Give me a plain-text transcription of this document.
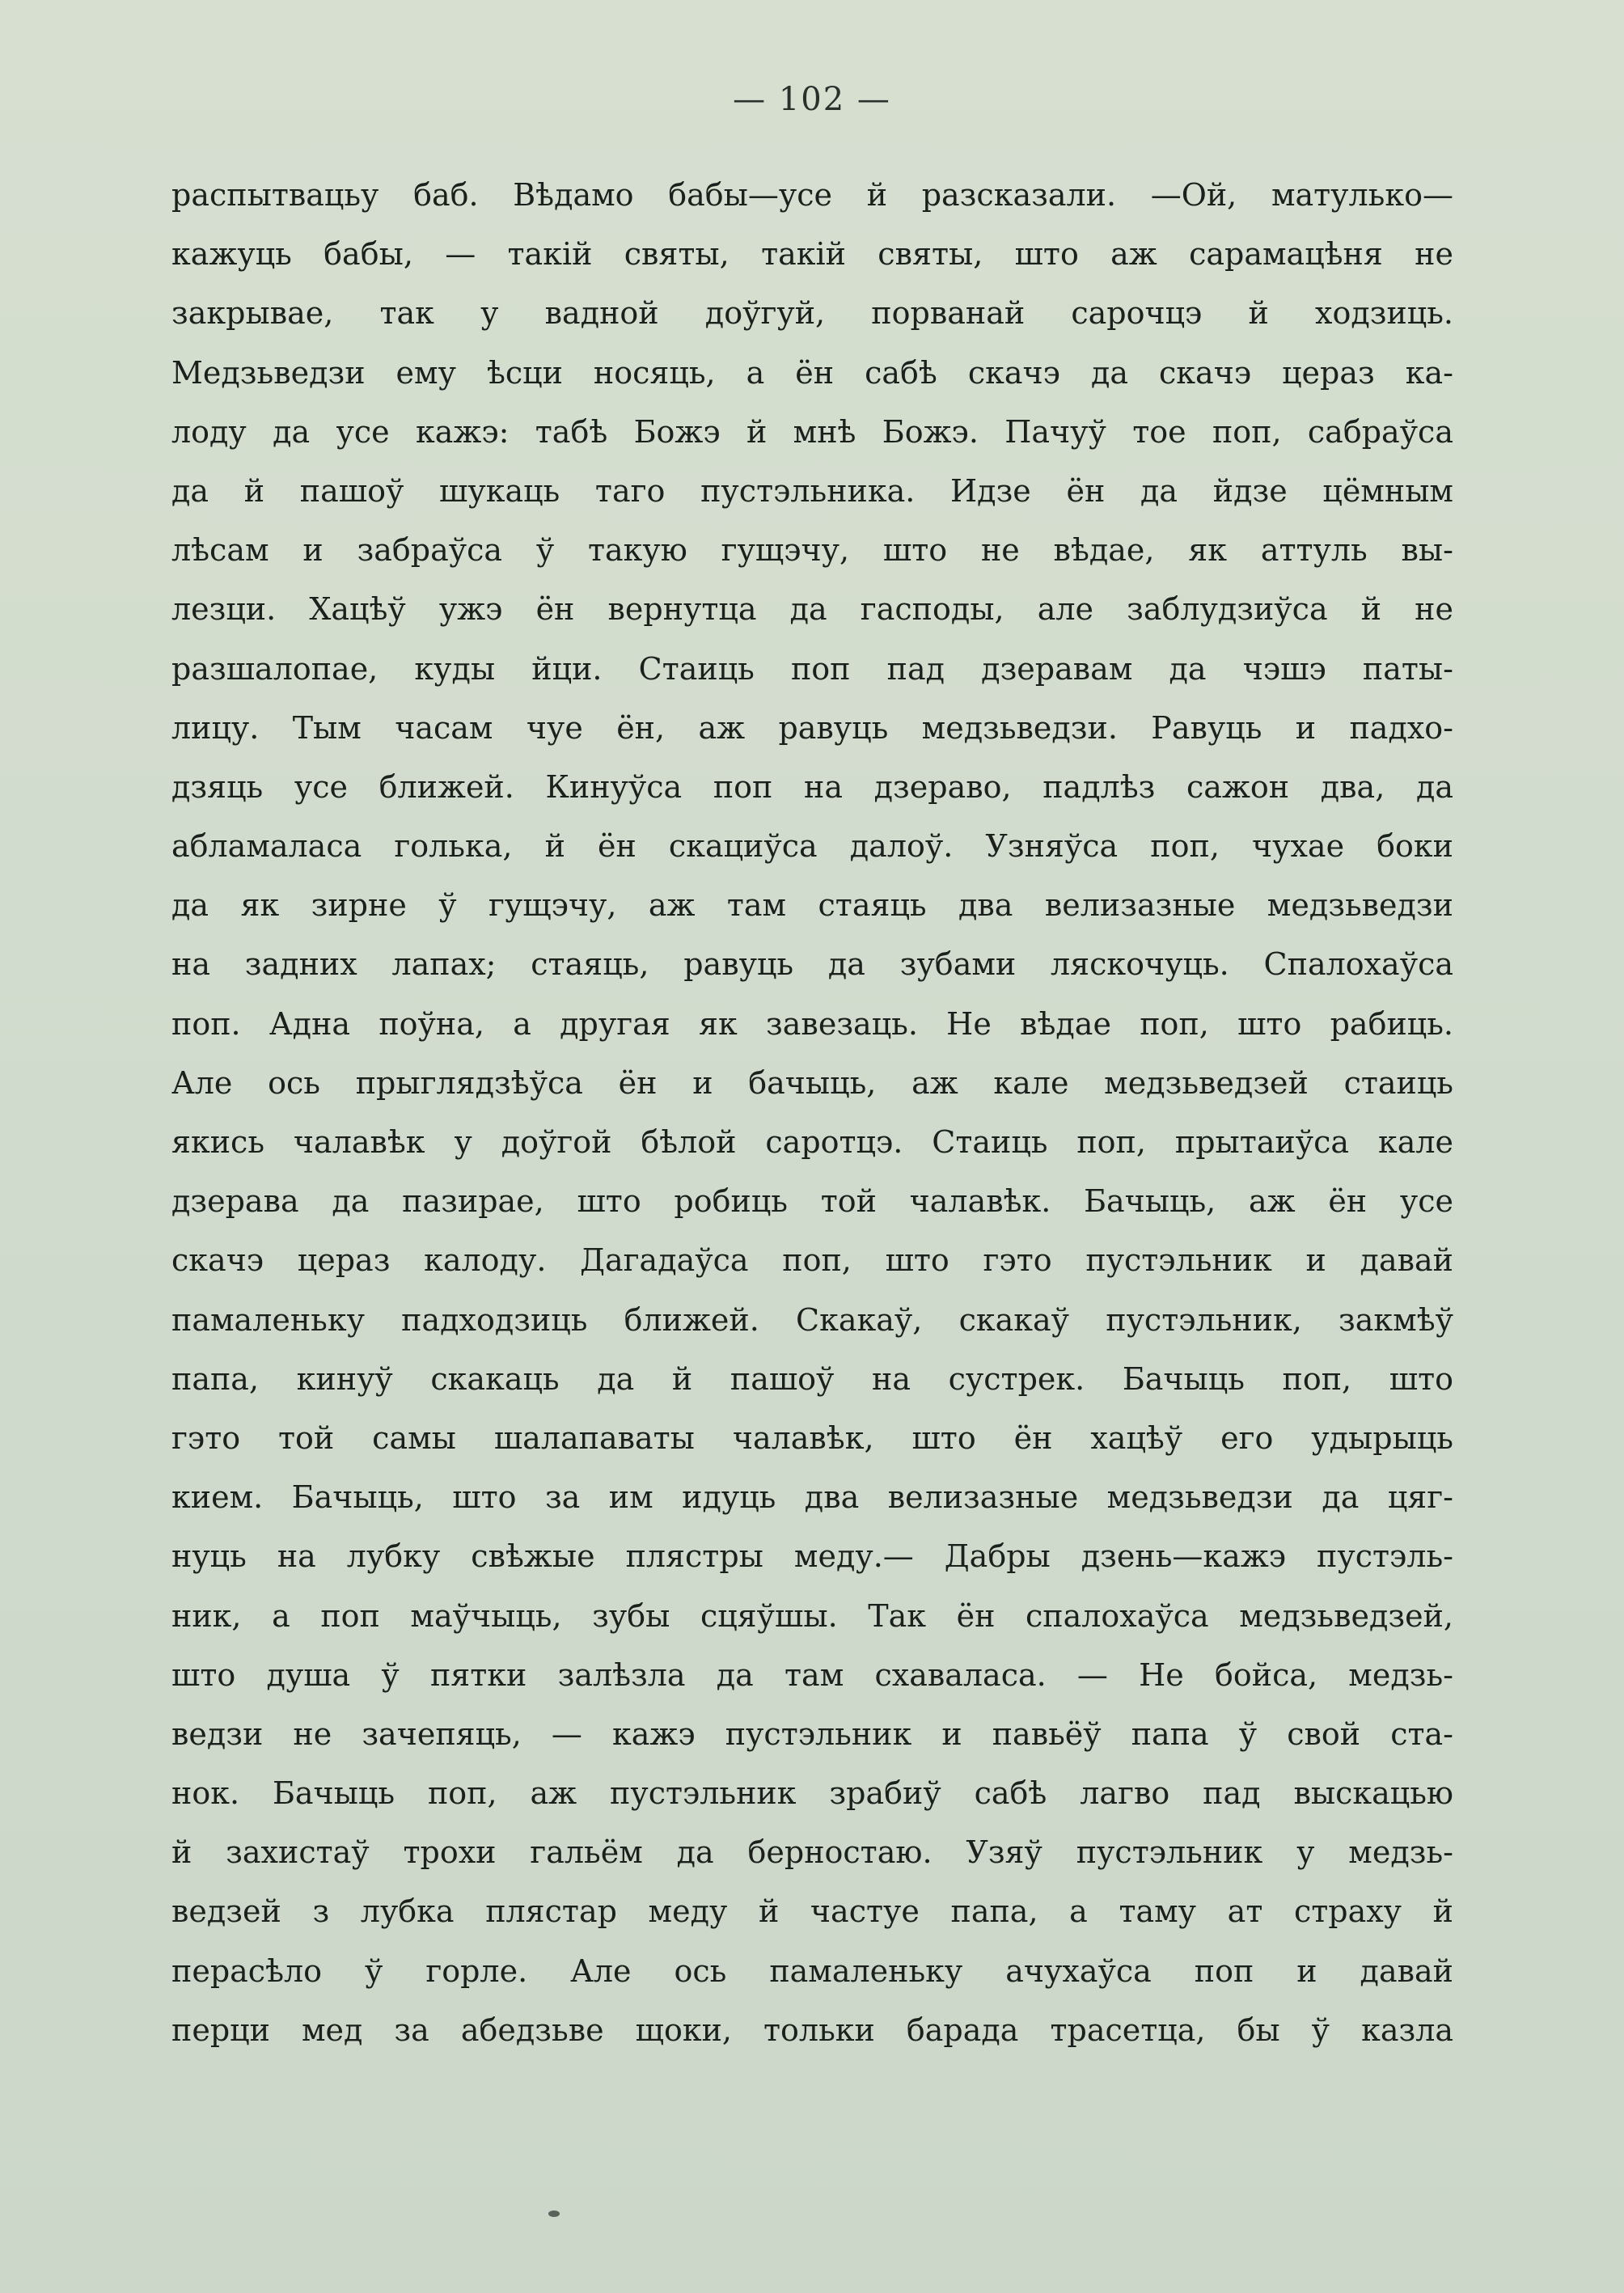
— 102 —
распытвацьу баб. Вѣдамо бабы—усе й разсказали. —Ой, матулько—
кажуць бабы, — такій святы, такій святы, што аж сарамацѣня не
закрывае, так у вадной доўгуй, порванай сарочцэ й ходзиць.
Медзьведзи ему ѣсци носяць, а ён сабѣ скачэ да скачэ цераз ка-
лоду да усе кажэ: табѣ Божэ й мнѣ Божэ. Пачуў тое поп, сабраўса
да й пашоў шукаць таго пустэльника. Идзе ён да йдзе цёмным
лѣсам и забраўса ў такую гущэчу, што не вѣдае, як аттуль вы-
лезци. Хацѣў ужэ ён вернутца да гасподы, але заблудзиўса й не
разшалопае, куды йци. Стаиць поп пад дзеравам да чэшэ паты-
лицу. Тым часам чуе ён, аж равуць медзьведзи. Равуць и падхо-
дзяць усе ближей. Кинуўса поп на дзераво, падлѣз сажон два, да
абламаласа голька, й ён скациўса далоў. Узняўса поп, чухае боки
да як зирне ў гущэчу, аж там стаяць два велизазные медзьведзи
на задних лапах; стаяць, равуць да зубами ляскочуць. Спалохаўса
поп. Адна поўна, а другая як завезаць. Не вѣдае поп, што рабиць.
Але ось прыглядзѣўса ён и бачыць, аж кале медзьведзей стаиць
якись чалавѣк у доўгой бѣлой саротцэ. Стаиць поп, прытаиўса кале
дзерава да пазирае, што робиць той чалавѣк. Бачыць, аж ён усе
скачэ цераз калоду. Дагадаўса поп, што гэто пустэльник и давай
памаленьку падходзиць ближей. Скакаў, скакаў пустэльник, закмѣў
папа, кинуў скакаць да й пашоў на сустрек. Бачыць поп, што
гэто той самы шалапаваты чалавѣк, што ён хацѣў его удырыць
кием. Бачыць, што за им идуць два велизазные медзьведзи да цяг-
нуць на лубку свѣжые плястры меду.— Дабры дзень—кажэ пустэль-
ник, а поп маўчыць, зубы сцяўшы. Так ён спалохаўса медзьведзей,
што душа ў пятки залѣзла да там схаваласа. — Не бойса, медзь-
ведзи не зачепяць, — кажэ пустэльник и павьёў папа ў свой ста-
нок. Бачыць поп, аж пустэльник зрабиў сабѣ лагво пад выскацью
й захистаў трохи гальём да берностаю. Узяў пустэльник у медзь-
ведзей з лубка плястар меду й частуе папа, а таму ат страху й
перасѣло ў горле. Але ось памаленьку ачухаўса поп и давай
перци мед за абедзьве щоки, тольки барада трасетца, бы ў казла
